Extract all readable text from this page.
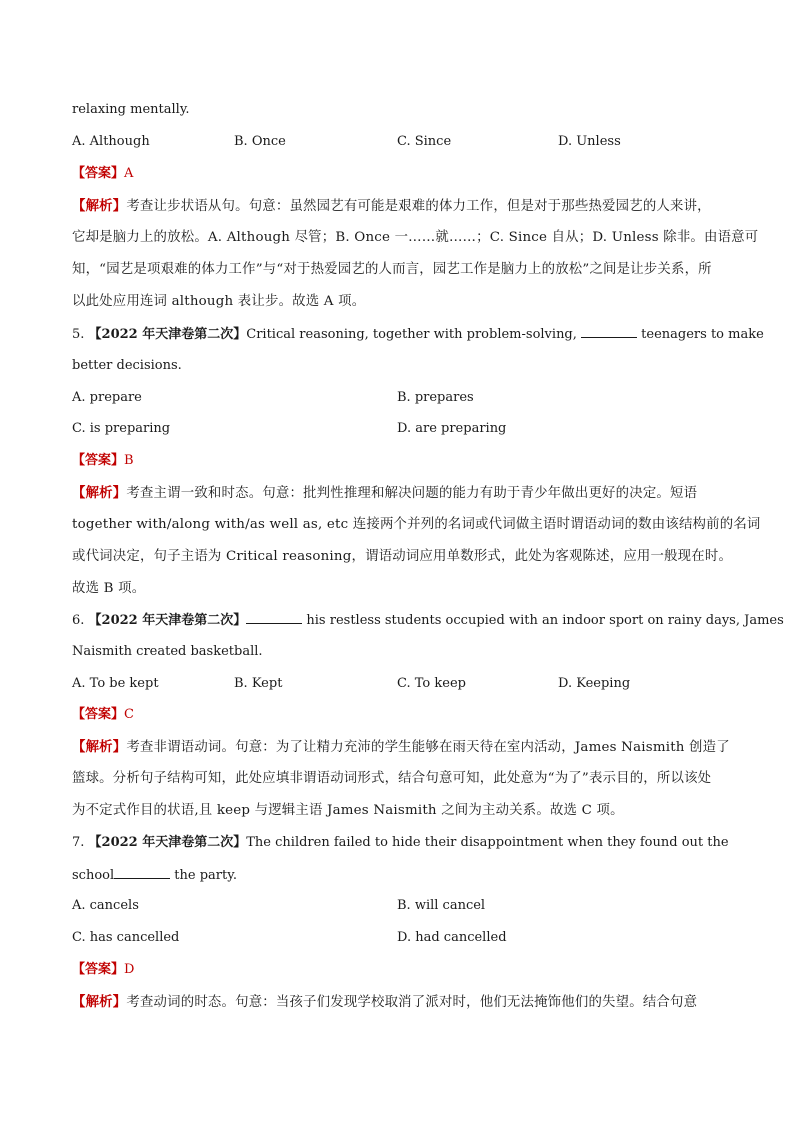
relaxing mentally.
A. Although	B. Once	C. Since	D. Unless
【答案】A
【解析】考查让步状语从句。句意：虽然园艺有可能是艰难的体力工作，但是对于那些热爱园艺的人来讲，
它却是脑力上的放松。A. Although 尽管；B. Once 一……就……；C. Since 自从；D. Unless 除非。由语意可
知，“园艺是项艰难的体力工作”与“对于热爱园艺的人而言，园艺工作是脑力上的放松”之间是让步关系，所
以此处应用连词 although 表让步。故选 A 项。
5. 【2022 年天津卷第二次】Critical reasoning, together with problem-solving,	teenagers to make
better decisions.
A. prepare	B. prepares
C. is preparing	D. are preparing
【答案】B
【解析】考查主谓一致和时态。句意：批判性推理和解决问题的能力有助于青少年做出更好的决定。短语
together with/along with/as well as, etc 连接两个并列的名词或代词做主语时谓语动词的数由该结构前的名词
或代词决定，句子主语为 Critical reasoning，谓语动词应用单数形式，此处为客观陈述，应用一般现在时。
故选 B 项。
6. 【2022 年天津卷第二次】	his restless students occupied with an indoor sport on rainy days, James
Naismith created basketball.
A. To be kept	B. Kept	C. To keep	D. Keeping
【答案】C
【解析】考查非谓语动词。句意：为了让精力充沛的学生能够在雨天待在室内活动，James Naismith 创造了
篮球。分析句子结构可知，此处应填非谓语动词形式，结合句意可知，此处意为“为了”表示目的，所以该处
为不定式作目的状语,且 keep 与逻辑主语 James Naismith 之间为主动关系。故选 C 项。
7. 【2022 年天津卷第二次】The children failed to hide their disappointment when they found out the
school	the party.
A. cancels	B. will cancel
C. has cancelled	D. had cancelled
【答案】D
【解析】考查动词的时态。句意：当孩子们发现学校取消了派对时，他们无法掩饰他们的失望。结合句意
